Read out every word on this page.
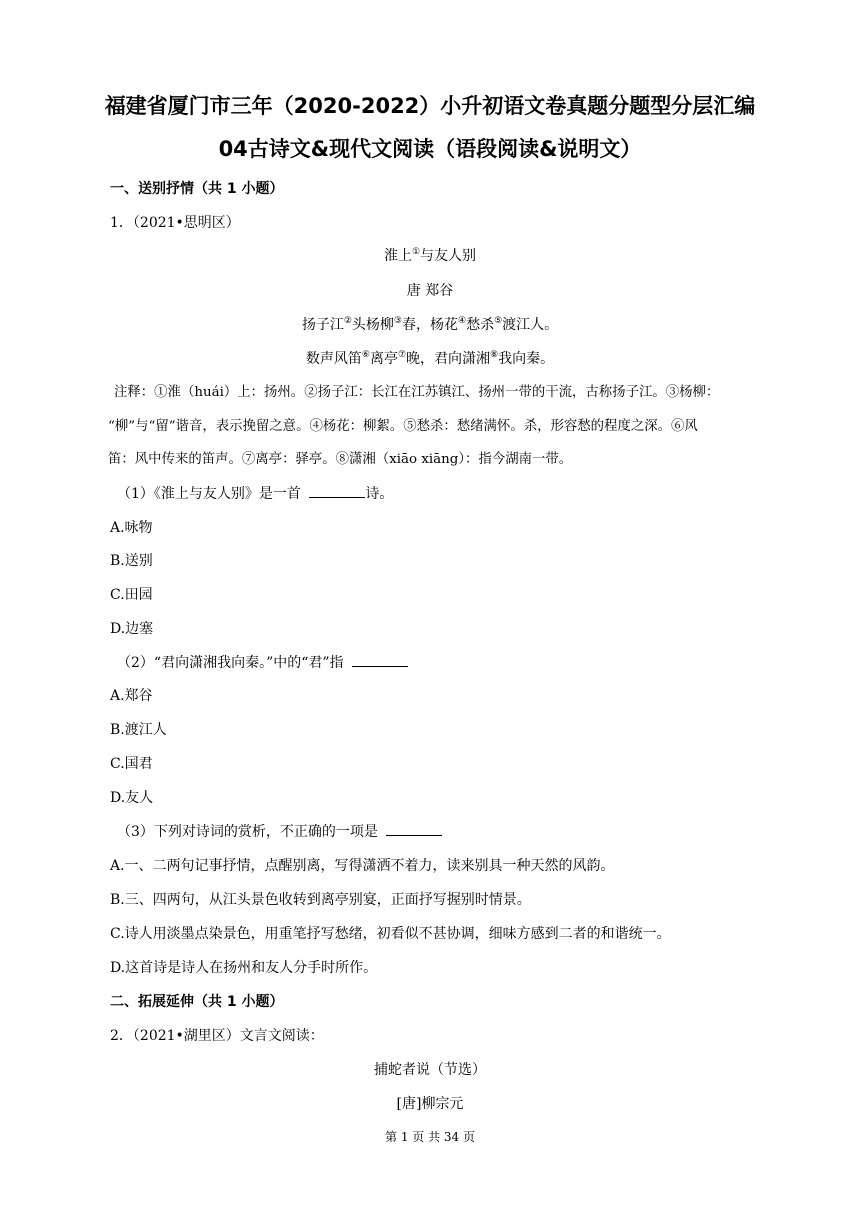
福建省厦门市三年（2020-2022）小升初语文卷真题分题型分层汇编
04古诗文&现代文阅读（语段阅读&说明文）
一、送别抒情（共 1 小题）
1．（2021•思明区）
淮上①与友人别
唐 郑谷
扬子江②头杨柳③春，杨花④愁杀⑤渡江人。
数声风笛⑥离亭⑦晚，君向潇湘⑧我向秦。
注释：①淮（huái）上：扬州。②扬子江：长江在江苏镇江、扬州一带的干流，古称扬子江。③杨柳：
“柳”与“留”谐音，表示挽留之意。④杨花：柳絮。⑤愁杀：愁绪满怀。杀，形容愁的程度之深。⑥风
笛：风中传来的笛声。⑦离亭：驿亭。⑧潇湘（xiāo xiāng）：指今湖南一带。
（1）《淮上与友人别》是一首	诗。
A.咏物
B.送别
C.田园
D.边塞
（2）“君向潇湘我向秦。”中的“君”指
A.郑谷
B.渡江人
C.国君
D.友人
（3）下列对诗词的赏析，不正确的一项是
A.一、二两句记事抒情，点醒别离，写得潇洒不着力，读来别具一种天然的风韵。
B.三、四两句，从江头景色收转到离亭别宴，正面抒写握别时情景。
C.诗人用淡墨点染景色，用重笔抒写愁绪，初看似不甚协调，细味方感到二者的和谐统一。
D.这首诗是诗人在扬州和友人分手时所作。
二、拓展延伸（共 1 小题）
2．（2021•湖里区）文言文阅读：
捕蛇者说（节选）
[唐]柳宗元
第 1 页 共 34 页
